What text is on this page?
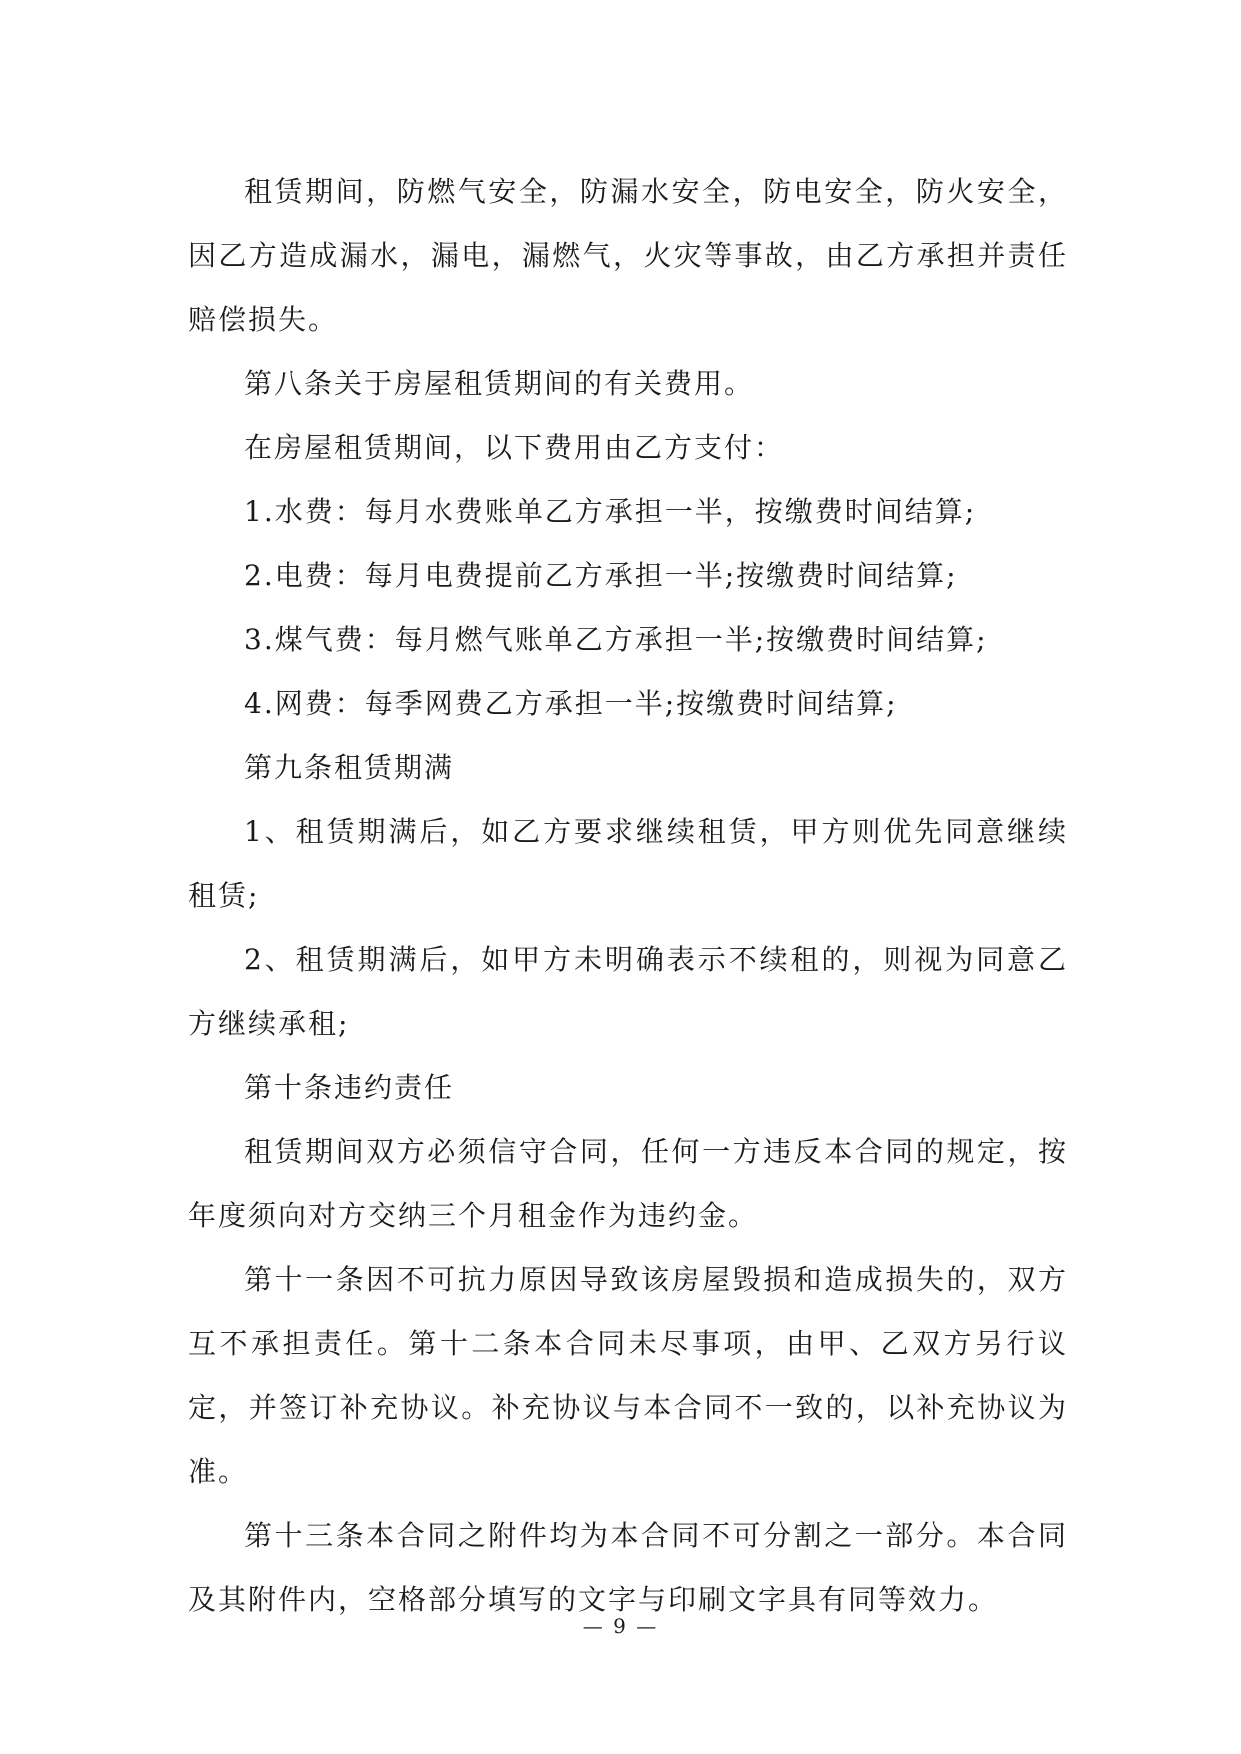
租赁期间，防燃气安全，防漏水安全，防电安全，防火安全，因乙方造成漏水，漏电，漏燃气，火灾等事故，由乙方承担并责任赔偿损失。

第八条关于房屋租赁期间的有关费用。

在房屋租赁期间，以下费用由乙方支付：

1.水费：每月水费账单乙方承担一半，按缴费时间结算;

2.电费：每月电费提前乙方承担一半;按缴费时间结算;

3.煤气费：每月燃气账单乙方承担一半;按缴费时间结算;

4.网费：每季网费乙方承担一半;按缴费时间结算;

第九条租赁期满

1、租赁期满后，如乙方要求继续租赁，甲方则优先同意继续租赁;

2、租赁期满后，如甲方未明确表示不续租的，则视为同意乙方继续承租;

第十条违约责任

租赁期间双方必须信守合同，任何一方违反本合同的规定，按年度须向对方交纳三个月租金作为违约金。

第十一条因不可抗力原因导致该房屋毁损和造成损失的，双方互不承担责任。第十二条本合同未尽事项，由甲、乙双方另行议定，并签订补充协议。补充协议与本合同不一致的，以补充协议为准。

第十三条本合同之附件均为本合同不可分割之一部分。本合同及其附件内，空格部分填写的文字与印刷文字具有同等效力。

— 9 —
